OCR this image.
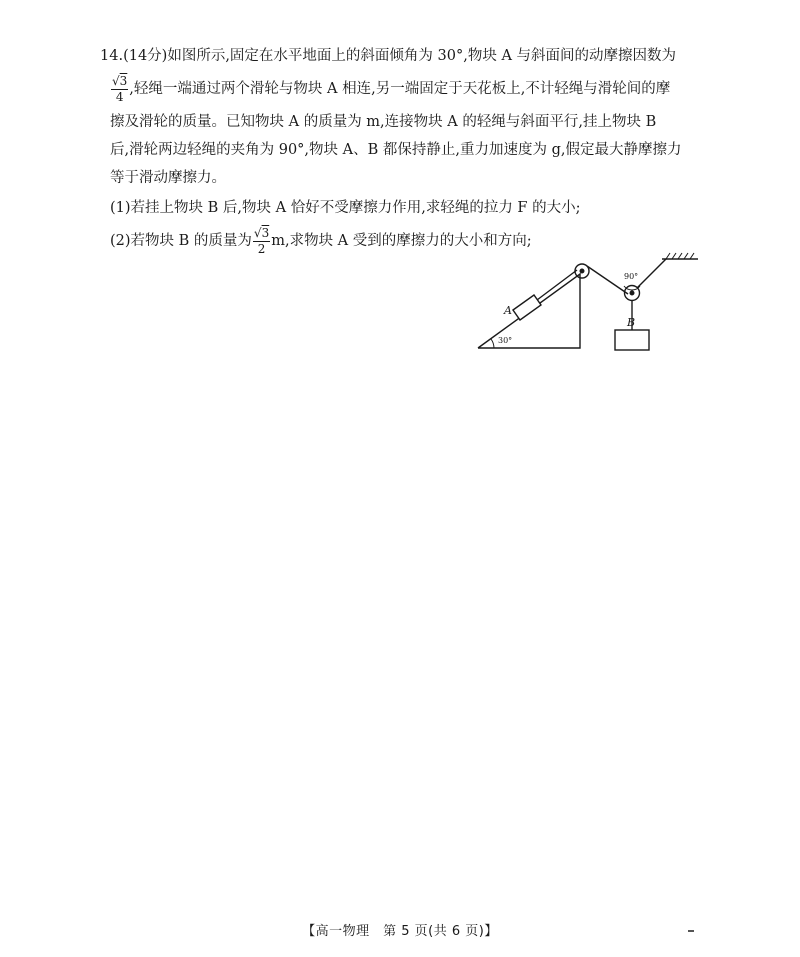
14.(14分)如图所示,固定在水平地面上的斜面倾角为 30°,物块 A 与斜面间的动摩擦因数为
$\frac{√3}{4}$ ,轻绳一端通过两个滑轮与物块 A 相连,另一端固定于天花板上,不计轻绳与滑轮间的摩
擦及滑轮的质量。已知物块 A 的质量为 m,连接物块 A 的轻绳与斜面平行,挂上物块 B
后,滑轮两边轻绳的夹角为 90°,物块 A、B 都保持静止,重力加速度为 g,假定最大静摩擦力
等于滑动摩擦力。
(1)若挂上物块 B 后,物块 A 恰好不受摩擦力作用,求轻绳的拉力 F 的大小;
(2)若物块 B 的质量为 $\frac{√3}{2} m$,求物块 A 受到的摩擦力的大小和方向;
A
B
30°
90°
【高一物理　第 5 页(共 6 页)】
